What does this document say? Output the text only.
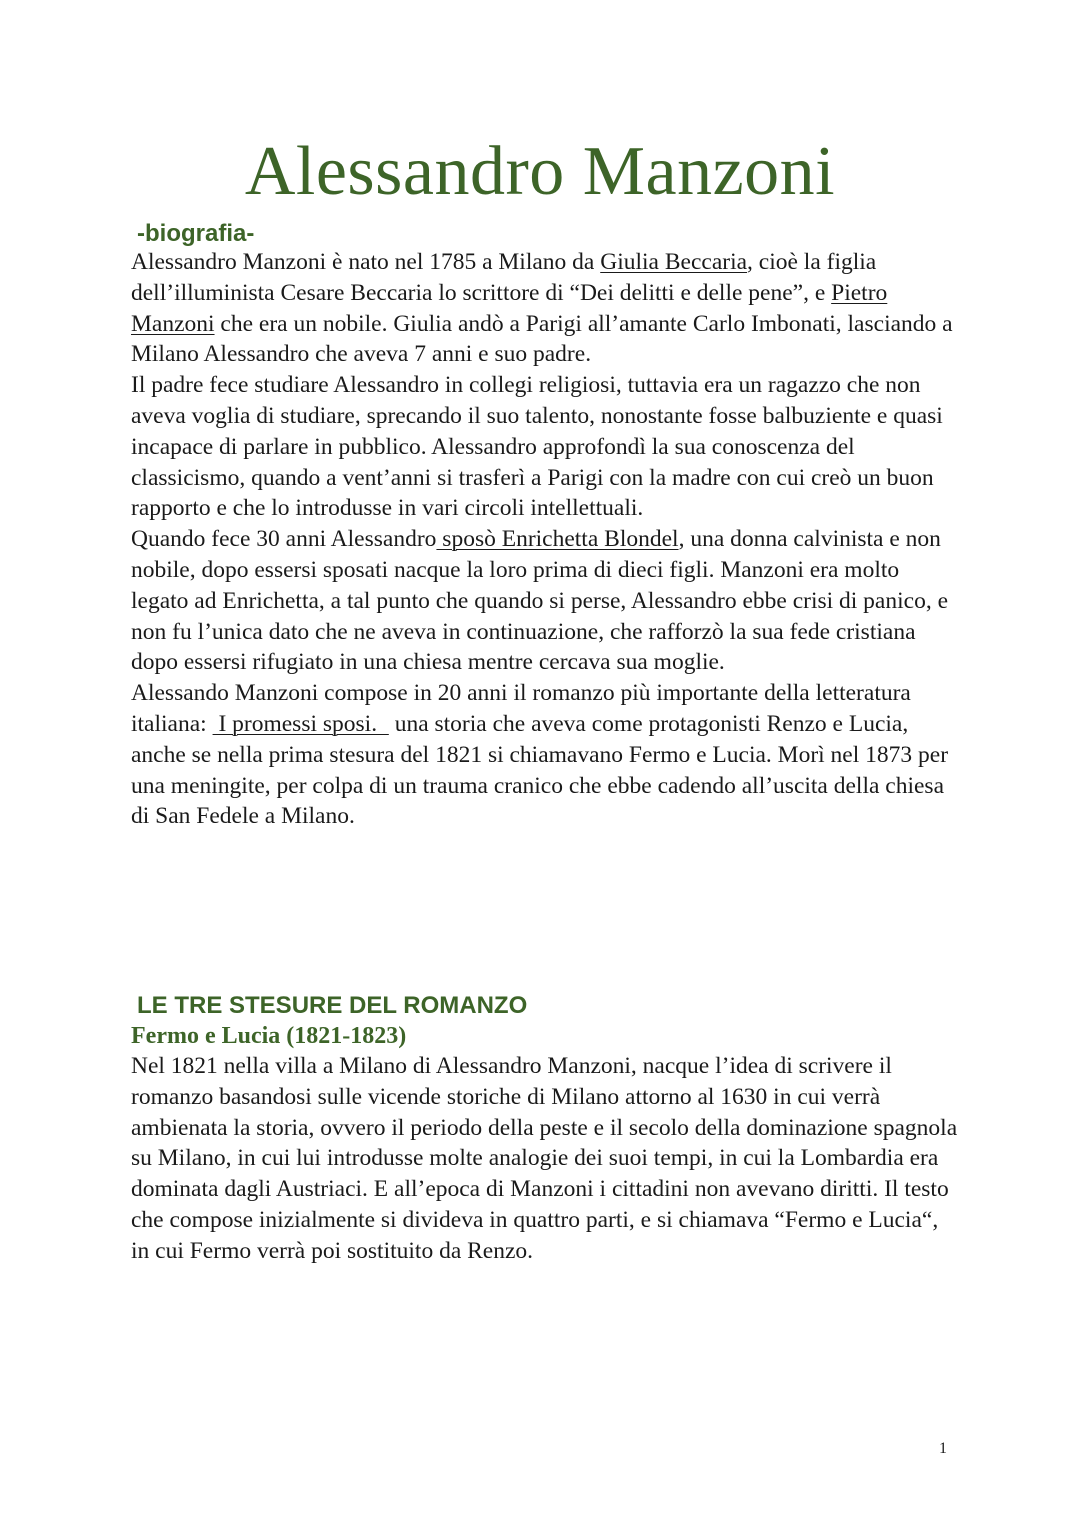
Alessandro Manzoni
-biografia-

Alessandro Manzoni è nato nel 1785 a Milano da Giulia Beccaria, cioè la figlia dell’illuminista Cesare Beccaria lo scrittore di “Dei delitti e delle pene”, e Pietro Manzoni che era un nobile. Giulia andò a Parigi all’amante Carlo Imbonati, lasciando a Milano Alessandro che aveva 7 anni e suo padre.

Il padre fece studiare Alessandro in collegi religiosi, tuttavia era un ragazzo che non aveva voglia di studiare, sprecando il suo talento, nonostante fosse balbuziente e quasi incapace di parlare in pubblico. Alessandro approfondì la sua conoscenza del classicismo, quando a vent’anni si trasferì a Parigi con la madre con cui creò un buon rapporto e che lo introdusse in vari circoli intellettuali.

Quando fece 30 anni Alessandro sposò Enrichetta Blondel, una donna calvinista e non nobile, dopo essersi sposati nacque la loro prima di dieci figli. Manzoni era molto legato ad Enrichetta, a tal punto che quando si perse, Alessandro ebbe crisi di panico, e non fu l’unica dato che ne aveva in continuazione, che rafforzò la sua fede cristiana dopo essersi rifugiato in una chiesa mentre cercava sua moglie.

Alessando Manzoni compose in 20 anni il romanzo più importante della letteratura italiana:  I promessi sposi.   una storia che aveva come protagonisti Renzo e Lucia, anche se nella prima stesura del 1821 si chiamavano Fermo e Lucia. Morì nel 1873 per una meningite, per colpa di un trauma cranico che ebbe cadendo all’uscita della chiesa di San Fedele a Milano.

LE TRE STESURE DEL ROMANZO
Fermo e Lucia (1821-1823)

Nel 1821 nella villa a Milano di Alessandro Manzoni, nacque l’idea di scrivere il romanzo basandosi sulle vicende storiche di Milano attorno al 1630 in cui verrà ambienata la storia, ovvero il periodo della peste e il secolo della dominazione spagnola su Milano, in cui lui introdusse molte analogie dei suoi tempi, in cui la Lombardia era dominata dagli Austriaci. E all’epoca di Manzoni i cittadini non avevano diritti. Il testo che compose inizialmente si divideva in quattro parti, e si chiamava “Fermo e Lucia“, in cui Fermo verrà poi sostituito da Renzo.

1
